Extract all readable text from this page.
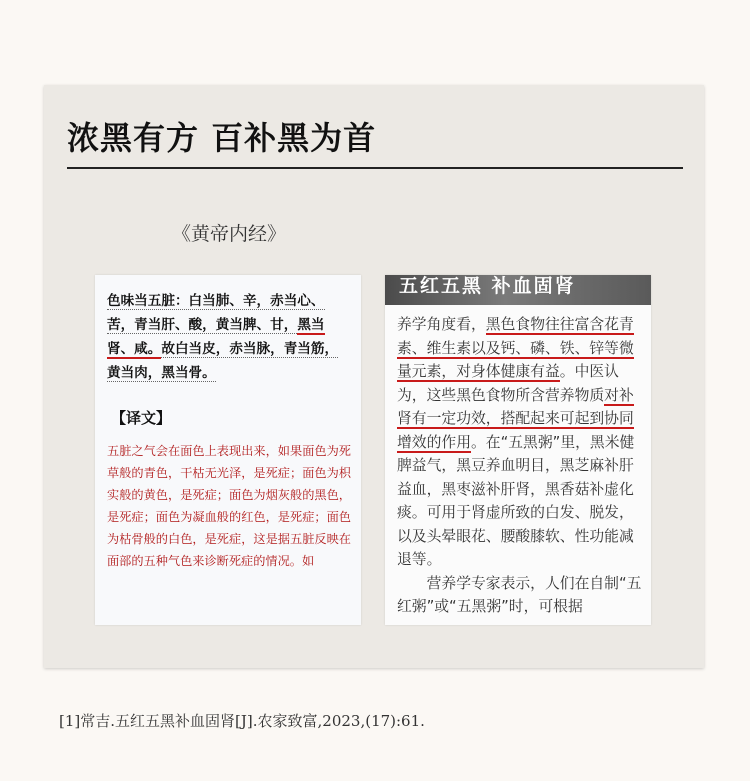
浓黑有方 百补黑为首
《黄帝内经》
色味当五脏：白当肺、辛，赤当心、苦，青当肝、酸，黄当脾、甘，黑当肾、咸。故白当皮，赤当脉，青当筋，黄当肉，黑当骨。
【译文】
五脏之气会在面色上表现出来，如果面色为死草般的青色，干枯无光泽，是死症；面色为枳实般的黄色，是死症；面色为烟灰般的黑色，是死症；面色为凝血般的红色，是死症；面色为枯骨般的白色，是死症，这是据五脏反映在面部的五种气色来诊断死症的情况。如
五红五黑 补血固肾
养学角度看，黑色食物往往富含花青素、维生素以及钙、磷、铁、锌等微量元素，对身体健康有益。中医认为，这些黑色食物所含营养物质对补肾有一定功效，搭配起来可起到协同增效的作用。在“五黑粥”里，黑米健脾益气，黑豆养血明目，黑芝麻补肝益血，黑枣滋补肝肾，黑香菇补虚化痰。可用于肾虚所致的白发、脱发，以及头晕眼花、腰酸膝软、性功能减退等。
营养学专家表示，人们在自制“五红粥”或“五黑粥”时，可根据
[1]常吉.五红五黑补血固肾[J].农家致富,2023,(17):61.
